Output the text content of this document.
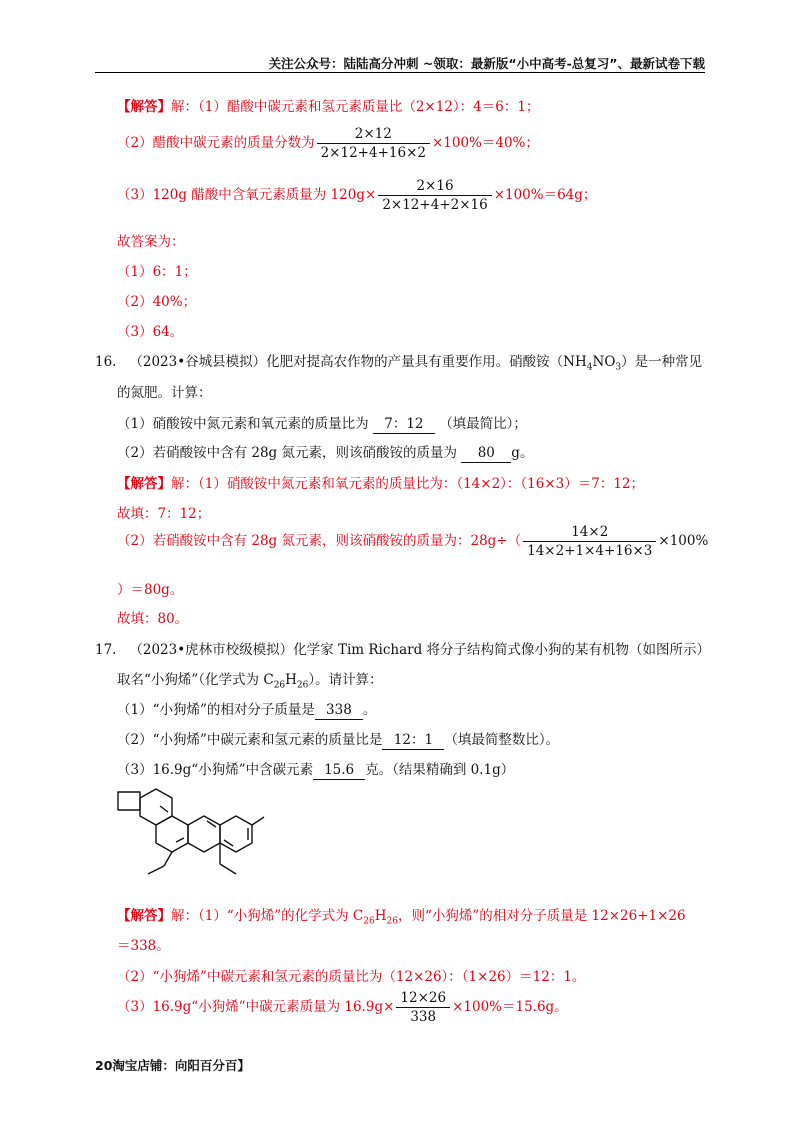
关注公众号：陆陆高分冲刺 ~领取：最新版“小中高考-总复习”、最新试卷下载
【解答】解：（1）醋酸中碳元素和氢元素质量比（2×12）：4＝6：1；
（2）醋酸中碳元素的质量分数为 $\frac{2\times 12}{2\times 12+4+16\times 2} \times 100\%=40\%$；
（3）120g 醋酸中含氧元素质量为 $120g\times \frac{2\times 16}{2\times 12+4+2\times 16} \times 100\%=64g$；
故答案为：
（1）6：1；
（2）40%；
（3）64。
16. （2023•谷城县模拟）化肥对提高农作物的产量具有重要作用。硝酸铵$(NH_4NO_3)$是一种常见
的氮肥。计算：
（1）硝酸铵中氮元素和氧元素的质量比为 7：12 （填最简比）；
（2）若硝酸铵中含有 28g 氮元素，则该硝酸铵的质量为 80 g。
【解答】解：（1）硝酸铵中氮元素和氧元素的质量比为：（14×2）：（16×3）＝7：12；
故填：7：12；
（2）若硝酸铵中含有 28g 氮元素，则该硝酸铵的质量为：$28g\div( \frac{14\times 2}{14\times 2+1\times 4+16\times 3} \times 100\%$
）＝80g。
故填：80。
17. （2023•虎林市校级模拟）化学家 Tim Richard 将分子结构简式像小狗的某有机物（如图所示）
取名“小狗烯”（化学式为 $C_{26}H_{26}$）。请计算：
（1）“小狗烯”的相对分子质量是 338 。
（2）“小狗烯”中碳元素和氢元素的质量比是 12：1 （填最简整数比）。
（3）16.9g“小狗烯”中含碳元素 15.6 克。（结果精确到 0.1g）
【解答】解：（1）“小狗烯”的化学式为 $C_{26}H_{26}$，则“小狗烯”的相对分子质量是 12×26+1×26
＝338。
（2）“小狗烯”中碳元素和氢元素的质量比为（12×26）：（1×26）＝12：1。
（3）16.9g“小狗烯”中碳元素质量为 $16.9g\times \frac{12\times 26}{338} \times 100\%=15.6g$。
20淘宝店铺：向阳百分百】
